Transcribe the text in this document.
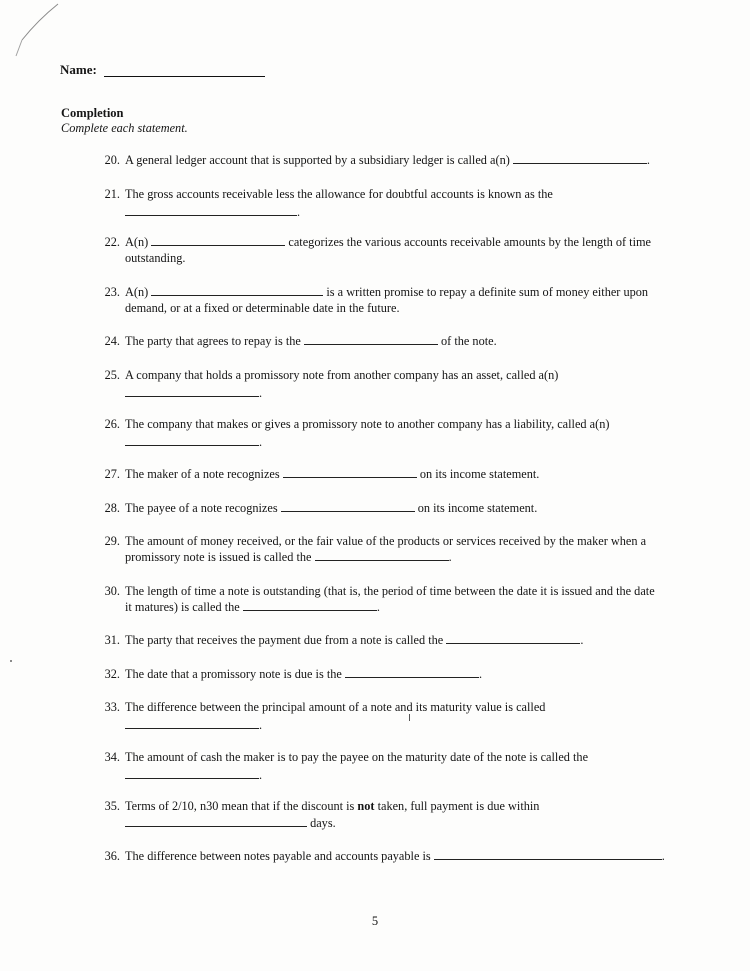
Name:
Completion
Complete each statement.
20. A general ledger account that is supported by a subsidiary ledger is called a(n)	.
21. The gross accounts receivable less the allowance for doubtful accounts is known as the
.
22. A(n)	categorizes the various accounts receivable amounts by the length of time
outstanding.
23. A(n)	is a written promise to repay a definite sum of money either upon
demand, or at a fixed or determinable date in the future.
24. The party that agrees to repay is the	of the note.
25. A company that holds a promissory note from another company has an asset, called a(n)
.
26. The company that makes or gives a promissory note to another company has a liability, called a(n)
.
27. The maker of a note recognizes	on its income statement.
28. The payee of a note recognizes	on its income statement.
29. The amount of money received, or the fair value of the products or services received by the maker when a
promissory note is issued is called the	.
30. The length of time a note is outstanding (that is, the period of time between the date it is issued and the date
it matures) is called the	.
31. The party that receives the payment due from a note is called the	.
32. The date that a promissory note is due is the	.
33. The difference between the principal amount of a note and its maturity value is called
.
34. The amount of cash the maker is to pay the payee on the maturity date of the note is called the
.
35. Terms of 2/10, n30 mean that if the discount is not taken, full payment is due within
days.
36. The difference between notes payable and accounts payable is	.
5
